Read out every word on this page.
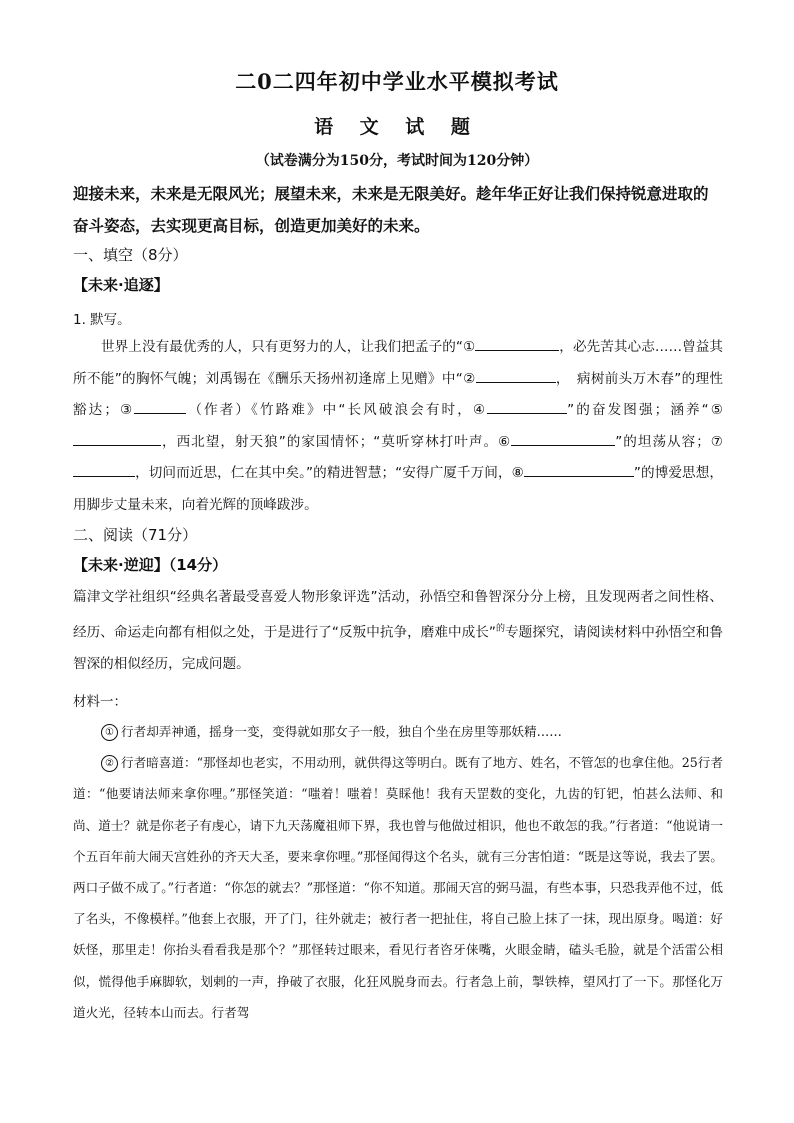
二0二四年初中学业水平模拟考试
语 文 试 题
（试卷满分为150分，考试时间为120分钟）
迎接未来，未来是无限风光；展望未来，未来是无限美好。趁年华正好让我们保持锐意进取的奋斗姿态，去实现更高目标，创造更加美好的未来。
一、填空（8分）
【未来·追逐】
1. 默写。
世界上没有最优秀的人，只有更努力的人，让我们把孟子的“①	，必先苦其心志……曾益其所不能”的胸怀气魄；刘禹锡在《酬乐天扬州初逢席上见赠》中“②	，　病树前头万木春”的理性豁达；③	（作者）《竹路难》中“长风破浪会有时，④	”的奋发图强；涵养“⑤，西北望，射天狼”的家国情怀；“莫听穿林打叶声。⑥	”的坦荡从容；⑦，切问而近思，仁在其中矣。”的精进智慧；“安得广厦千万间，⑧	”的博爱思想，用脚步丈量未来，向着光辉的顶峰跋涉。
二、阅读（71分）
【未来·逆迎】（14分）
篇津文学社组织“经典名著最受喜爱人物形象评选”活动，孙悟空和鲁智深分分上榜，且发现两者之间性格、经历、命运走向都有相似之处，于是进行了“反叛中抗争，磨难中成长”$^的$专题探究，请阅读材料中孙悟空和鲁智深的相似经历，完成问题。
材料一：

① 行者却弄神通，摇身一变，变得就如那女子一般，独自个坐在房里等那妖精……

② 行者暗喜道：“那怪却也老实，不用动刑，就供得这等明白。既有了地方、姓名，不管怎的也拿住他。25行者道：“他要请法师来拿你哩。”那怪笑道：“嗤着！嗤着！莫睬他！我有天罡数的变化，九齿的钉钯，怕甚么法师、和尚、道士？就是你老子有虔心，请下九天荡魔祖师下界，我也曾与他做过相识，他也不敢怎的我。”行者道：“他说请一个五百年前大闹天宫姓孙的齐天大圣，要来拿你哩。”那怪闻得这个名头，就有三分害怕道：“既是这等说，我去了罢。两口子做不成了。”行者道：“你怎的就去？”那怪道：“你不知道。那闹天宫的弼马温，有些本事，只恐我弄他不过，低了名头，不像模样。”他套上衣服，开了门，往外就走；被行者一把扯住，将自己脸上抹了一抹，现出原身。喝道：好妖怪，那里走！你抬头看看我是那个？”那怪转过眼来，看见行者咨牙俫嘴，火眼金睛，磕头毛脸，就是个活雷公相似，慌得他手麻脚软，划剌的一声，挣破了衣服，化狂风脱身而去。行者急上前，掣铁棒，望风打了一下。那怪化万道火光，径转本山而去。行者驾
